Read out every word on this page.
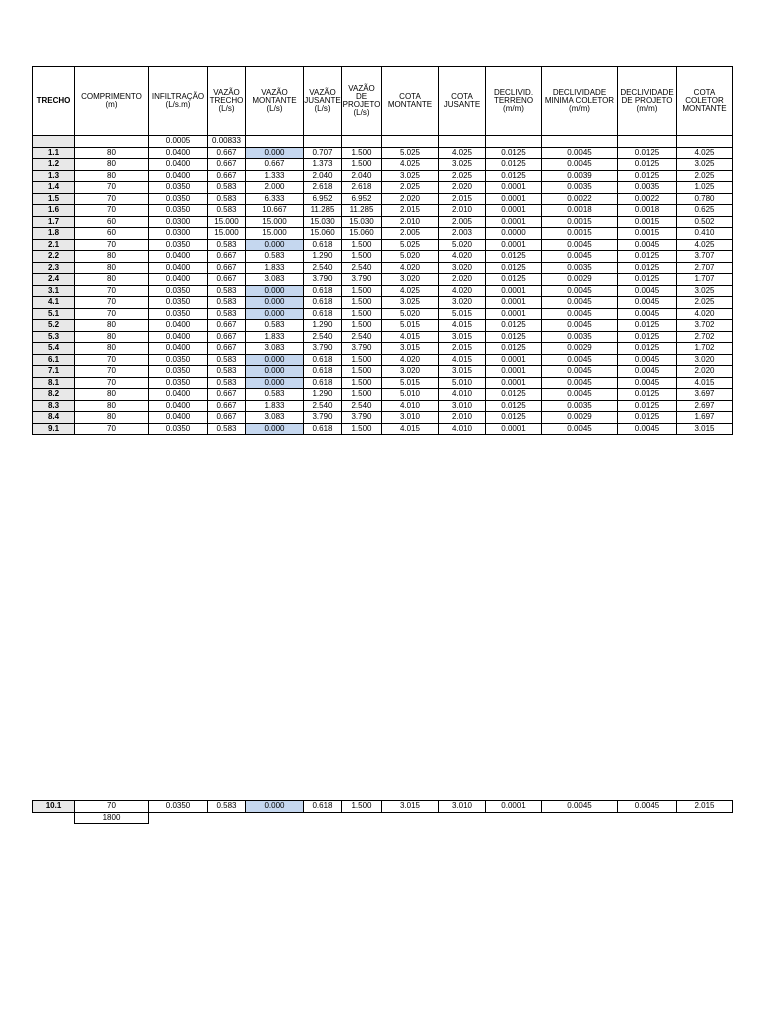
TRECHO	COMPRIMENTO (m)	INFILTRAÇÃO (L/s.m)	VAZÃO TRECHO (L/s)	VAZÃO MONTANTE (L/s)	VAZÃO JUSANTE (L/s)	VAZÃO DE PROJETO (L/s)	COTA MONTANTE	COTA JUSANTE	DECLIVID. TERRENO (m/m)	DECLIVIDADE MINIMA COLETOR (m/m)	DECLIVIDADE DE PROJETO (m/m)	COTA COLETOR MONTANTE
		0.0005	0.00833									
1.1	80	0.0400	0.667	0.000	0.707	1.500	5.025	4.025	0.0125	0.0045	0.0125	4.025
1.2	80	0.0400	0.667	0.667	1.373	1.500	4.025	3.025	0.0125	0.0045	0.0125	3.025
1.3	80	0.0400	0.667	1.333	2.040	2.040	3.025	2.025	0.0125	0.0039	0.0125	2.025
1.4	70	0.0350	0.583	2.000	2.618	2.618	2.025	2.020	0.0001	0.0035	0.0035	1.025
1.5	70	0.0350	0.583	6.333	6.952	6.952	2.020	2.015	0.0001	0.0022	0.0022	0.780
1.6	70	0.0350	0.583	10.667	11.285	11.285	2.015	2.010	0.0001	0.0018	0.0018	0.625
1.7	60	0.0300	15.000	15.000	15.030	15.030	2.010	2.005	0.0001	0.0015	0.0015	0.502
1.8	60	0.0300	15.000	15.000	15.060	15.060	2.005	2.003	0.0000	0.0015	0.0015	0.410
2.1	70	0.0350	0.583	0.000	0.618	1.500	5.025	5.020	0.0001	0.0045	0.0045	4.025
2.2	80	0.0400	0.667	0.583	1.290	1.500	5.020	4.020	0.0125	0.0045	0.0125	3.707
2.3	80	0.0400	0.667	1.833	2.540	2.540	4.020	3.020	0.0125	0.0035	0.0125	2.707
2.4	80	0.0400	0.667	3.083	3.790	3.790	3.020	2.020	0.0125	0.0029	0.0125	1.707
3.1	70	0.0350	0.583	0.000	0.618	1.500	4.025	4.020	0.0001	0.0045	0.0045	3.025
4.1	70	0.0350	0.583	0.000	0.618	1.500	3.025	3.020	0.0001	0.0045	0.0045	2.025
5.1	70	0.0350	0.583	0.000	0.618	1.500	5.020	5.015	0.0001	0.0045	0.0045	4.020
5.2	80	0.0400	0.667	0.583	1.290	1.500	5.015	4.015	0.0125	0.0045	0.0125	3.702
5.3	80	0.0400	0.667	1.833	2.540	2.540	4.015	3.015	0.0125	0.0035	0.0125	2.702
5.4	80	0.0400	0.667	3.083	3.790	3.790	3.015	2.015	0.0125	0.0029	0.0125	1.702
6.1	70	0.0350	0.583	0.000	0.618	1.500	4.020	4.015	0.0001	0.0045	0.0045	3.020
7.1	70	0.0350	0.583	0.000	0.618	1.500	3.020	3.015	0.0001	0.0045	0.0045	2.020
8.1	70	0.0350	0.583	0.000	0.618	1.500	5.015	5.010	0.0001	0.0045	0.0045	4.015
8.2	80	0.0400	0.667	0.583	1.290	1.500	5.010	4.010	0.0125	0.0045	0.0125	3.697
8.3	80	0.0400	0.667	1.833	2.540	2.540	4.010	3.010	0.0125	0.0035	0.0125	2.697
8.4	80	0.0400	0.667	3.083	3.790	3.790	3.010	2.010	0.0125	0.0029	0.0125	1.697
9.1	70	0.0350	0.583	0.000	0.618	1.500	4.015	4.010	0.0001	0.0045	0.0045	3.015
10.1	70	0.0350	0.583	0.000	0.618	1.500	3.015	3.010	0.0001	0.0045	0.0045	2.015
	1800											
